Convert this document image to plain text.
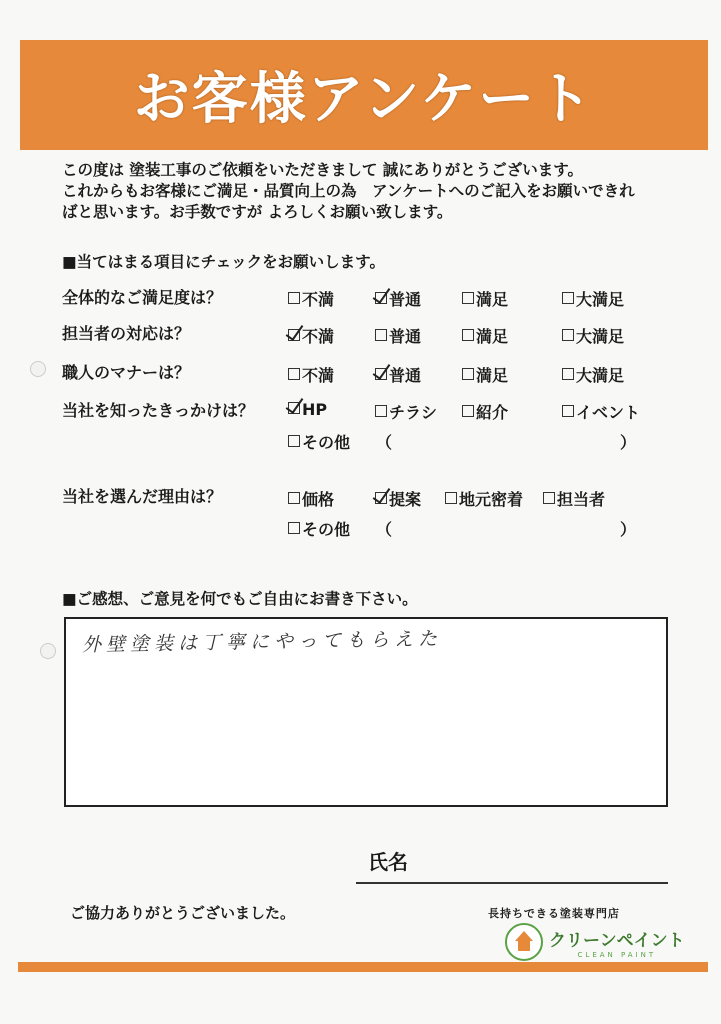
お客様アンケート
この度は 塗装工事のご依頼をいただきまして 誠にありがとうございます。
これからもお客様にご満足・品質向上の為　アンケートへのご記入をお願いできれ
ばと思います。お手数ですが よろしくお願い致します。
■当てはまる項目にチェックをお願いします。
全体的なご満足度は？	不満	普通	満足	大満足
担当者の対応は？	不満	普通	満足	大満足
職人のマナーは？	不満	普通	満足	大満足
当社を知ったきっかけは？	HP	チラシ	紹介	イベント
その他 （	）
当社を選んだ理由は？	価格	提案	地元密着	担当者
その他 （	）
■ご感想、ご意見を何でもご自由にお書き下さい。
外壁塗装は丁寧にやってもらえた
氏名
ご協力ありがとうございました。	長持ちできる塗装専門店
クリーンペイント
CLEAN PAINT
